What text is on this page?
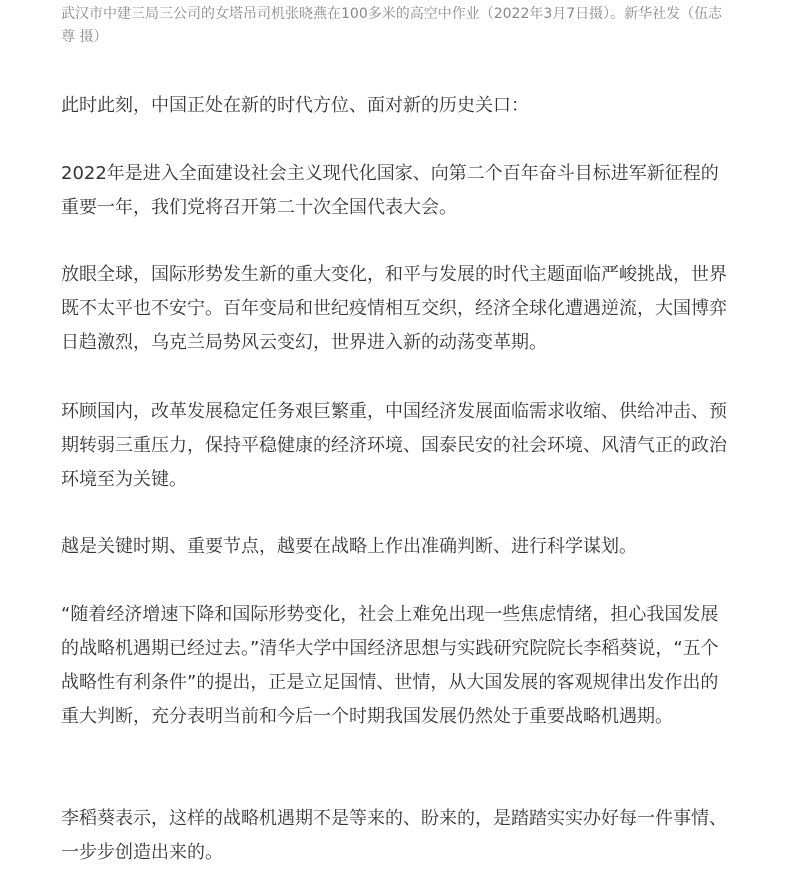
武汉市中建三局三公司的女塔吊司机张晓燕在100多米的高空中作业（2022年3月7日摄）。新华社发（伍志尊 摄）

此时此刻，中国正处在新的时代方位、面对新的历史关口：

2022年是进入全面建设社会主义现代化国家、向第二个百年奋斗目标进军新征程的重要一年，我们党将召开第二十次全国代表大会。

放眼全球，国际形势发生新的重大变化，和平与发展的时代主题面临严峻挑战，世界既不太平也不安宁。百年变局和世纪疫情相互交织，经济全球化遭遇逆流，大国博弈日趋激烈，乌克兰局势风云变幻，世界进入新的动荡变革期。

环顾国内，改革发展稳定任务艰巨繁重，中国经济发展面临需求收缩、供给冲击、预期转弱三重压力，保持平稳健康的经济环境、国泰民安的社会环境、风清气正的政治环境至为关键。

越是关键时期、重要节点，越要在战略上作出准确判断、进行科学谋划。

“随着经济增速下降和国际形势变化，社会上难免出现一些焦虑情绪，担心我国发展的战略机遇期已经过去。”清华大学中国经济思想与实践研究院院长李稻葵说，“五个战略性有利条件”的提出，正是立足国情、世情，从大国发展的客观规律出发作出的重大判断，充分表明当前和今后一个时期我国发展仍然处于重要战略机遇期。

李稻葵表示，这样的战略机遇期不是等来的、盼来的，是踏踏实实办好每一件事情、一步步创造出来的。
